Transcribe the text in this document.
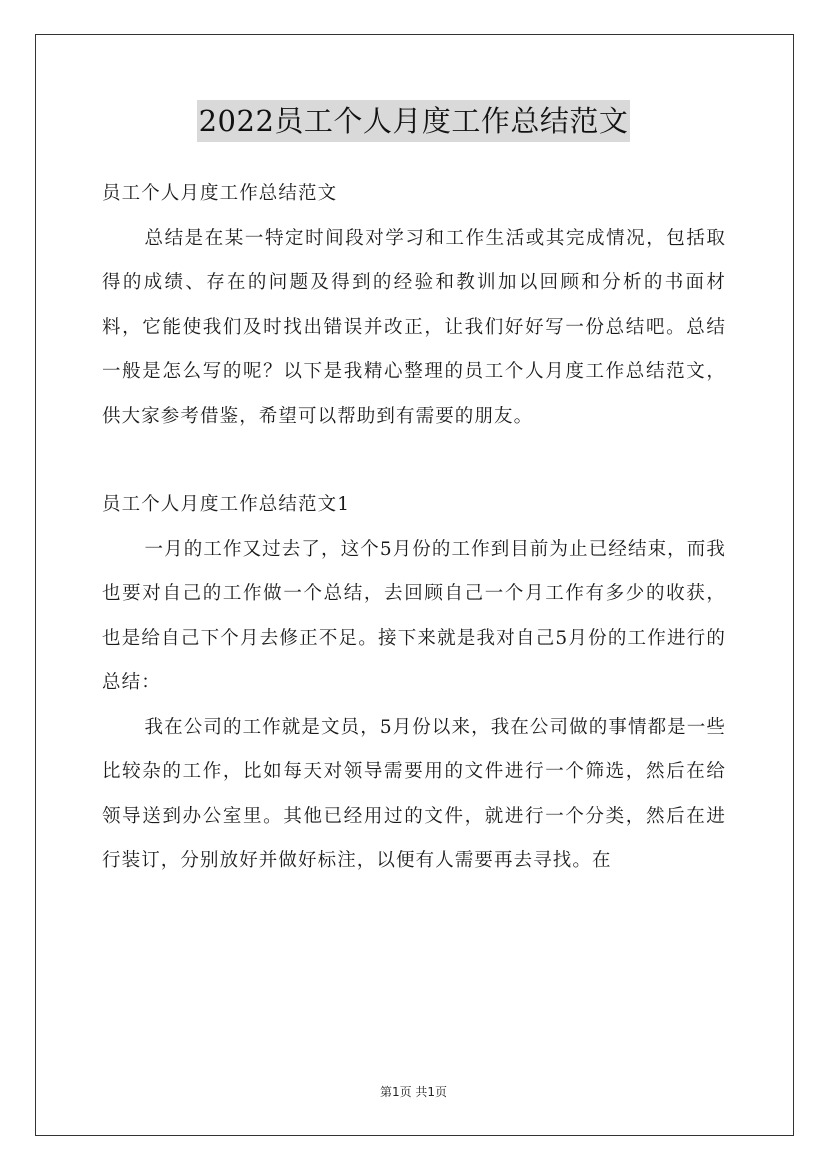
2022员工个人月度工作总结范文

员工个人月度工作总结范文

总结是在某一特定时间段对学习和工作生活或其完成情况，包括取得的成绩、存在的问题及得到的经验和教训加以回顾和分析的书面材料，它能使我们及时找出错误并改正，让我们好好写一份总结吧。总结一般是怎么写的呢？以下是我精心整理的员工个人月度工作总结范文，供大家参考借鉴，希望可以帮助到有需要的朋友。

员工个人月度工作总结范文1

一月的工作又过去了，这个5月份的工作到目前为止已经结束，而我也要对自己的工作做一个总结，去回顾自己一个月工作有多少的收获，也是给自己下个月去修正不足。接下来就是我对自己5月份的工作进行的总结：

我在公司的工作就是文员，5月份以来，我在公司做的事情都是一些比较杂的工作，比如每天对领导需要用的文件进行一个筛选，然后在给领导送到办公室里。其他已经用过的文件，就进行一个分类，然后在进行装订，分别放好并做好标注，以便有人需要再去寻找。在

第1页 共1页
